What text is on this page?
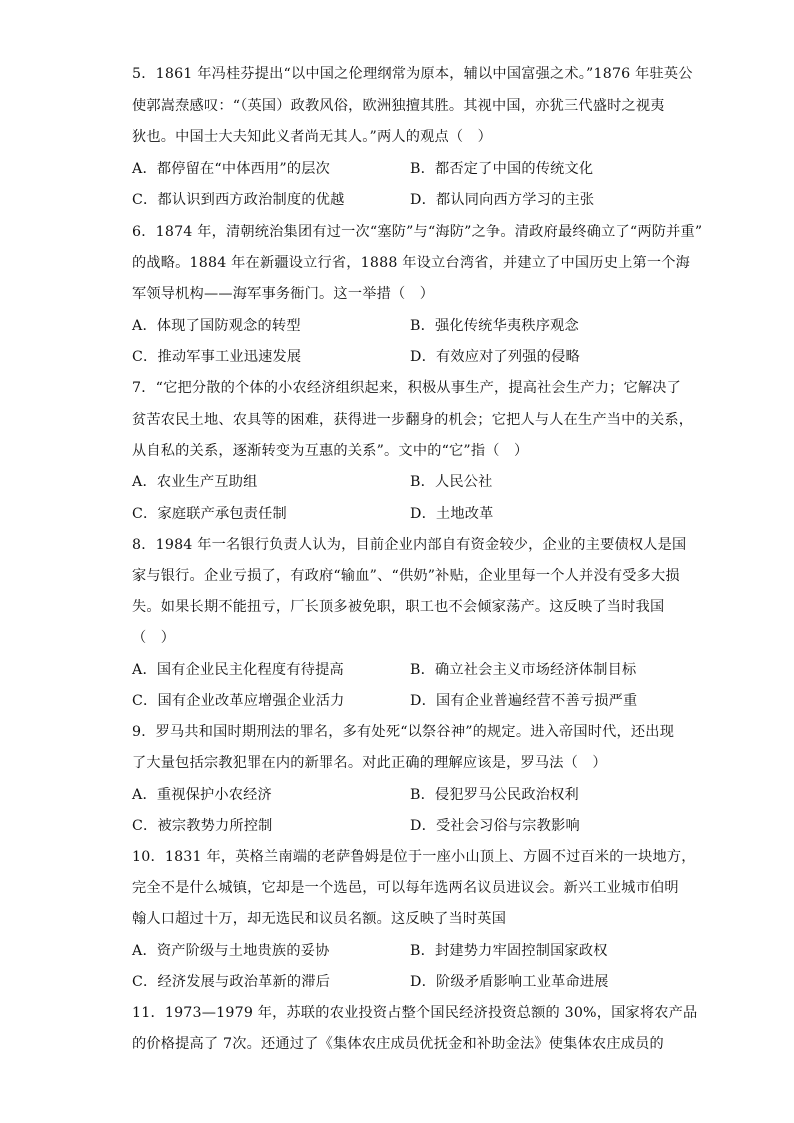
5．1861 年冯桂芬提出“以中国之伦理纲常为原本，辅以中国富强之术。”1876 年驻英公
使郭嵩焘感叹：“（英国）政教风俗，欧洲独擅其胜。其视中国，亦犹三代盛时之视夷
狄也。中国士大夫知此义者尚无其人。”两人的观点（　）
A．都停留在“中体西用”的层次	B．都否定了中国的传统文化
C．都认识到西方政治制度的优越	D．都认同向西方学习的主张
6．1874 年，清朝统治集团有过一次“塞防”与“海防”之争。清政府最终确立了“两防并重”
的战略。1884 年在新疆设立行省，1888 年设立台湾省，并建立了中国历史上第一个海
军领导机构——海军事务衙门。这一举措（　）
A．体现了国防观念的转型	B．强化传统华夷秩序观念
C．推动军事工业迅速发展	D．有效应对了列强的侵略
7．“它把分散的个体的小农经济组织起来，积极从事生产，提高社会生产力；它解决了
贫苦农民土地、农具等的困难，获得进一步翻身的机会；它把人与人在生产当中的关系，
从自私的关系，逐渐转变为互惠的关系”。文中的“它”指（　）
A．农业生产互助组	B．人民公社
C．家庭联产承包责任制	D．土地改革
8．1984 年一名银行负责人认为，目前企业内部自有资金较少，企业的主要债权人是国
家与银行。企业亏损了，有政府“输血”、“供奶”补贴，企业里每一个人并没有受多大损
失。如果长期不能扭亏，厂长顶多被免职，职工也不会倾家荡产。这反映了当时我国
（　）
A．国有企业民主化程度有待提高	B．确立社会主义市场经济体制目标
C．国有企业改革应增强企业活力	D．国有企业普遍经营不善亏损严重
9．罗马共和国时期刑法的罪名，多有处死“以祭谷神”的规定。进入帝国时代，还出现
了大量包括宗教犯罪在内的新罪名。对此正确的理解应该是，罗马法（　）
A．重视保护小农经济	B．侵犯罗马公民政治权利
C．被宗教势力所控制	D．受社会习俗与宗教影响
10．1831 年，英格兰南端的老萨鲁姆是位于一座小山顶上、方圆不过百米的一块地方，
完全不是什么城镇，它却是一个选邑，可以每年选两名议员进议会。新兴工业城市伯明
翰人口超过十万，却无选民和议员名额。这反映了当时英国
A．资产阶级与土地贵族的妥协	B．封建势力牢固控制国家政权
C．经济发展与政治革新的滞后	D．阶级矛盾影响工业革命进展
11．1973—1979 年，苏联的农业投资占整个国民经济投资总额的 30%，国家将农产品
的价格提高了 7次。还通过了《集体农庄成员优抚金和补助金法》使集体农庄成员的
